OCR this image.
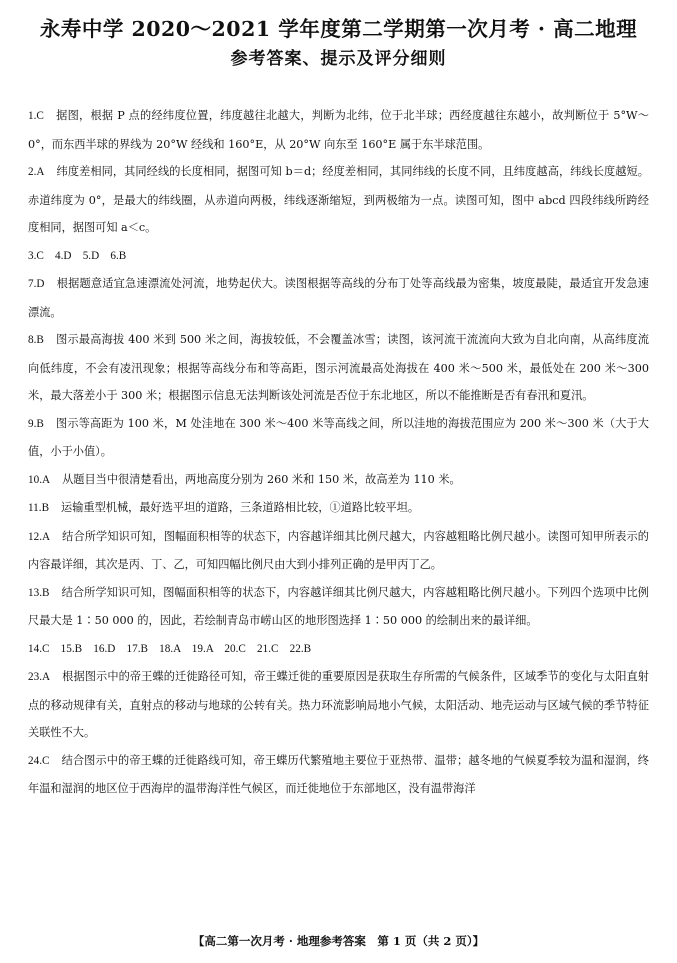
永寿中学 2020～2021 学年度第二学期第一次月考 · 高二地理
参考答案、提示及评分细则
1.C 据图，根据 P 点的经纬度位置，纬度越往北越大，判断为北纬，位于北半球；西经度越往东越小，故判断位于 5°W～0°，而东西半球的界线为 20°W 经线和 160°E，从 20°W 向东至 160°E 属于东半球范围。
2.A 纬度差相同，其同经线的长度相同，据图可知 b＝d；经度差相同，其同纬线的长度不同，且纬度越高，纬线长度越短。赤道纬度为 0°，是最大的纬线圈，从赤道向两极，纬线逐渐缩短，到两极缩为一点。读图可知，图中 abcd 四段纬线所跨经度相同，据图可知 a＜c。
3.C　4.D　5.D　6.B
7.D 根据题意适宜急速漂流处河流，地势起伏大。读图根据等高线的分布丁处等高线最为密集，坡度最陡，最适宜开发急速漂流。
8.B 图示最高海拔 400 米到 500 米之间，海拔较低，不会覆盖冰雪；读图，该河流干流流向大致为自北向南，从高纬度流向低纬度，不会有凌汛现象；根据等高线分布和等高距，图示河流最高处海拔在 400 米～500 米，最低处在 200 米～300 米，最大落差小于 300 米；根据图示信息无法判断该处河流是否位于东北地区，所以不能推断是否有春汛和夏汛。
9.B 图示等高距为 100 米，M 处洼地在 300 米～400 米等高线之间，所以洼地的海拔范围应为 200 米～300 米（大于大值，小于小值）。
10.A 从题目当中很清楚看出，两地高度分别为 260 米和 150 米，故高差为 110 米。
11.B 运输重型机械，最好选平坦的道路，三条道路相比较，①道路比较平坦。
12.A 结合所学知识可知，图幅面积相等的状态下，内容越详细其比例尺越大，内容越粗略比例尺越小。读图可知甲所表示的内容最详细，其次是丙、丁、乙，可知四幅比例尺由大到小排列正确的是甲丙丁乙。
13.B 结合所学知识可知，图幅面积相等的状态下，内容越详细其比例尺越大，内容越粗略比例尺越小。下列四个选项中比例尺最大是 1∶50 000 的，因此，若绘制青岛市崂山区的地形图选择 1∶50 000 的绘制出来的最详细。
14.C　15.B　16.D　17.B　18.A　19.A　20.C　21.C　22.B
23.A 根据图示中的帝王蝶的迁徙路径可知，帝王蝶迁徙的重要原因是获取生存所需的气候条件，区域季节的变化与太阳直射点的移动规律有关，直射点的移动与地球的公转有关。热力环流影响局地小气候，太阳活动、地壳运动与区域气候的季节特征关联性不大。
24.C 结合图示中的帝王蝶的迁徙路线可知，帝王蝶历代繁殖地主要位于亚热带、温带；越冬地的气候夏季较为温和湿润，终年温和湿润的地区位于西海岸的温带海洋性气候区，而迁徙地位于东部地区，没有温带海洋
【高二第一次月考 · 地理参考答案　第 1 页（共 2 页）】
